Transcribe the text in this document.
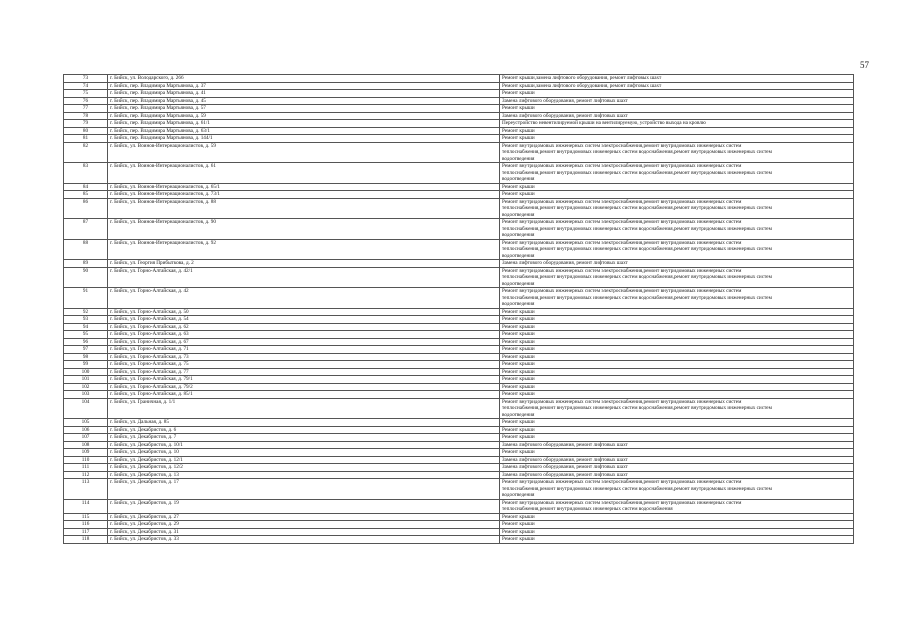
57
73	г. Бийск, ул. Володарского, д. 266	Ремонт крыши,замена лифтового оборудования, ремонт лифтовых шахт

74	г. Бийск, пер. Владимира Мартьянова, д. 37	Ремонт крыши,замена лифтового оборудования, ремонт лифтовых шахт

75	г. Бийск, пер. Владимира Мартьянова, д. 41	Ремонт крыши

76	г. Бийск, пер. Владимира Мартьянова, д. 45	Замена лифтового оборудования, ремонт лифтовых шахт

77	г. Бийск, пер. Владимира Мартьянова, д. 57	Ремонт крыши

78	г. Бийск, пер. Владимира Мартьянова, д. 59	Замена лифтового оборудования, ремонт лифтовых шахт

79	г. Бийск, пер. Владимира Мартьянова, д. 61/1	Переустройство невентилируемой крыши на вентилируемую, устройство выхода на кровлю

80	г. Бийск, пер. Владимира Мартьянова, д. 63/1	Ремонт крыши

81	г. Бийск, пер. Владимира Мартьянова, д. 144/1	Ремонт крыши

82	г. Бийск, ул. Воинов-Интернационалистов, д. 59	Ремонт внутридомовых инженерных систем электроснабжения,ремонт внутридомовых инженерных систем
теплоснабжения,ремонт внутридомовых инженерных систем водоснабжения,ремонт внутридомовых инженерных систем
водоотведения

83	г. Бийск, ул. Воинов-Интернационалистов, д. 61	Ремонт внутридомовых инженерных систем электроснабжения,ремонт внутридомовых инженерных систем
теплоснабжения,ремонт внутридомовых инженерных систем водоснабжения,ремонт внутридомовых инженерных систем
водоотведения

84	г. Бийск, ул. Воинов-Интернационалистов, д. 65/1	Ремонт крыши

85	г. Бийск, ул. Воинов-Интернационалистов, д. 73/1	Ремонт крыши

86	г. Бийск, ул. Воинов-Интернационалистов, д. 88	Ремонт внутридомовых инженерных систем электроснабжения,ремонт внутридомовых инженерных систем
теплоснабжения,ремонт внутридомовых инженерных систем водоснабжения,ремонт внутридомовых инженерных систем
водоотведения

87	г. Бийск, ул. Воинов-Интернационалистов, д. 90	Ремонт внутридомовых инженерных систем электроснабжения,ремонт внутридомовых инженерных систем
теплоснабжения,ремонт внутридомовых инженерных систем водоснабжения,ремонт внутридомовых инженерных систем
водоотведения

88	г. Бийск, ул. Воинов-Интернационалистов, д. 92	Ремонт внутридомовых инженерных систем электроснабжения,ремонт внутридомовых инженерных систем
теплоснабжения,ремонт внутридомовых инженерных систем водоснабжения,ремонт внутридомовых инженерных систем
водоотведения

89	г. Бийск, ул. Георгия Прибыткова, д. 2	Замена лифтового оборудования, ремонт лифтовых шахт

90	г. Бийск, ул. Горно-Алтайская, д. 42/1	Ремонт внутридомовых инженерных систем электроснабжения,ремонт внутридомовых инженерных систем
теплоснабжения,ремонт внутридомовых инженерных систем водоснабжения,ремонт внутридомовых инженерных систем
водоотведения

91	г. Бийск, ул. Горно-Алтайская, д. 42	Ремонт внутридомовых инженерных систем электроснабжения,ремонт внутридомовых инженерных систем
теплоснабжения,ремонт внутридомовых инженерных систем водоснабжения,ремонт внутридомовых инженерных систем
водоотведения

92	г. Бийск, ул. Горно-Алтайская, д. 50	Ремонт крыши

93	г. Бийск, ул. Горно-Алтайская, д. 54	Ремонт крыши

94	г. Бийск, ул. Горно-Алтайская, д. 62	Ремонт крыши

95	г. Бийск, ул. Горно-Алтайская, д. 63	Ремонт крыши

96	г. Бийск, ул. Горно-Алтайская, д. 67	Ремонт крыши

97	г. Бийск, ул. Горно-Алтайская, д. 71	Ремонт крыши

98	г. Бийск, ул. Горно-Алтайская, д. 73	Ремонт крыши

99	г. Бийск, ул. Горно-Алтайская, д. 75	Ремонт крыши

100	г. Бийск, ул. Горно-Алтайская, д. 77	Ремонт крыши

101	г. Бийск, ул. Горно-Алтайская, д. 79/1	Ремонт крыши

102	г. Бийск, ул. Горно-Алтайская, д. 79/2	Ремонт крыши

103	г. Бийск, ул. Горно-Алтайская, д. 85/1	Ремонт крыши

104	г. Бийск, ул. Граничная, д. 1/1	Ремонт внутридомовых инженерных систем электроснабжения,ремонт внутридомовых инженерных систем
теплоснабжения,ремонт внутридомовых инженерных систем водоснабжения,ремонт внутридомовых инженерных систем
водоотведения

105	г. Бийск, ул. Дальная, д. 85	Ремонт крыши

106	г. Бийск, ул. Декабристов, д. 6	Ремонт крыши

107	г. Бийск, ул. Декабристов, д. 7	Ремонт крыши

108	г. Бийск, ул. Декабристов, д. 10/1	Замена лифтового оборудования, ремонт лифтовых шахт

109	г. Бийск, ул. Декабристов, д. 10	Ремонт крыши

110	г. Бийск, ул. Декабристов, д. 12/1	Замена лифтового оборудования, ремонт лифтовых шахт

111	г. Бийск, ул. Декабристов, д. 12/2	Замена лифтового оборудования, ремонт лифтовых шахт

112	г. Бийск, ул. Декабристов, д. 13	Замена лифтового оборудования, ремонт лифтовых шахт

113	г. Бийск, ул. Декабристов, д. 17	Ремонт внутридомовых инженерных систем электроснабжения,ремонт внутридомовых инженерных систем
теплоснабжения,ремонт внутридомовых инженерных систем водоснабжения,ремонт внутридомовых инженерных систем
водоотведения

114	г. Бийск, ул. Декабристов, д. 19	Ремонт внутридомовых инженерных систем электроснабжения,ремонт внутридомовых инженерных систем
теплоснабжения,ремонт внутридомовых инженерных систем водоснабжения

115	г. Бийск, ул. Декабристов, д. 27	Ремонт крыши

116	г. Бийск, ул. Декабристов, д. 29	Ремонт крыши

117	г. Бийск, ул. Декабристов, д. 31	Ремонт крыши

118	г. Бийск, ул. Декабристов, д. 33	Ремонт крыши
